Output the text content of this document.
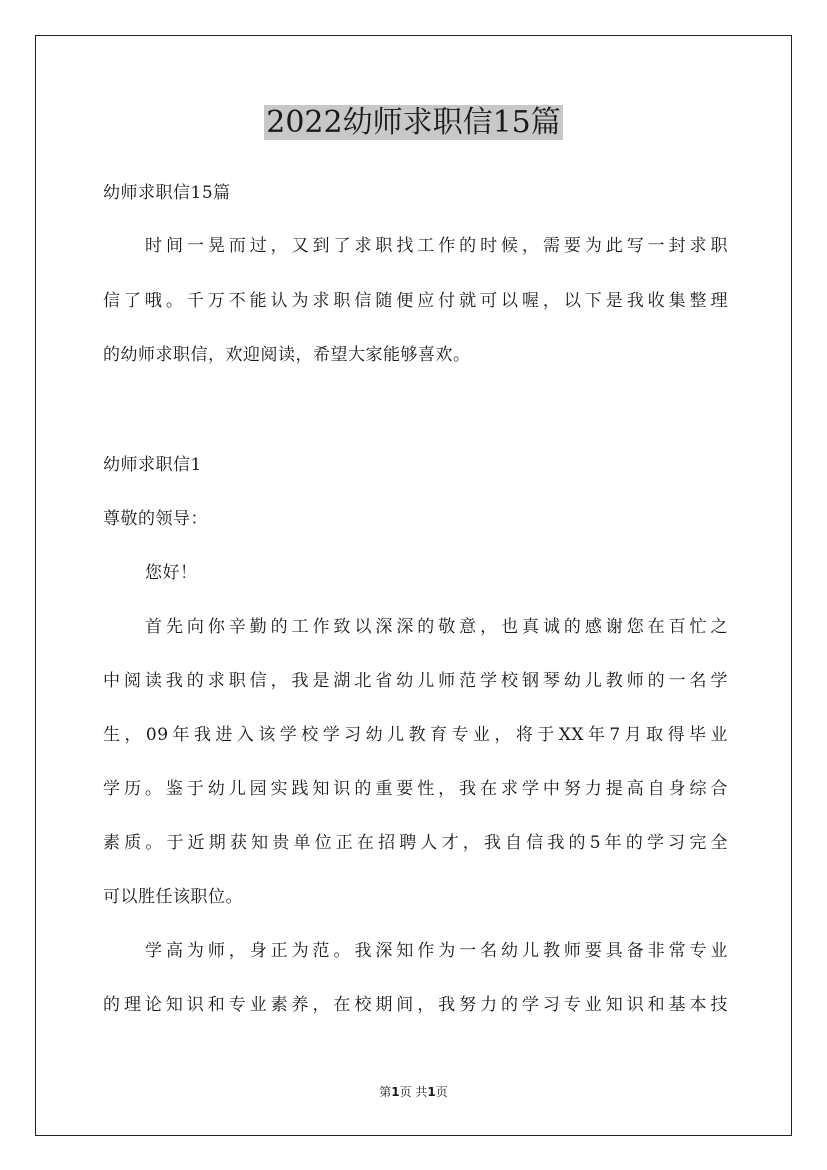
2022幼师求职信15篇
幼师求职信15篇
时间一晃而过，又到了求职找工作的时候，需要为此写一封求职
信了哦。千万不能认为求职信随便应付就可以喔，以下是我收集整理
的幼师求职信，欢迎阅读，希望大家能够喜欢。
幼师求职信1
尊敬的领导：
您好！
首先向你辛勤的工作致以深深的敬意，也真诚的感谢您在百忙之
中阅读我的求职信，我是湖北省幼儿师范学校钢琴幼儿教师的一名学
生，09年我进入该学校学习幼儿教育专业，将于XX年7月取得毕业
学历。鉴于幼儿园实践知识的重要性，我在求学中努力提高自身综合
素质。于近期获知贵单位正在招聘人才，我自信我的5年的学习完全
可以胜任该职位。
学高为师，身正为范。我深知作为一名幼儿教师要具备非常专业
的理论知识和专业素养，在校期间，我努力的学习专业知识和基本技
第1页 共1页
